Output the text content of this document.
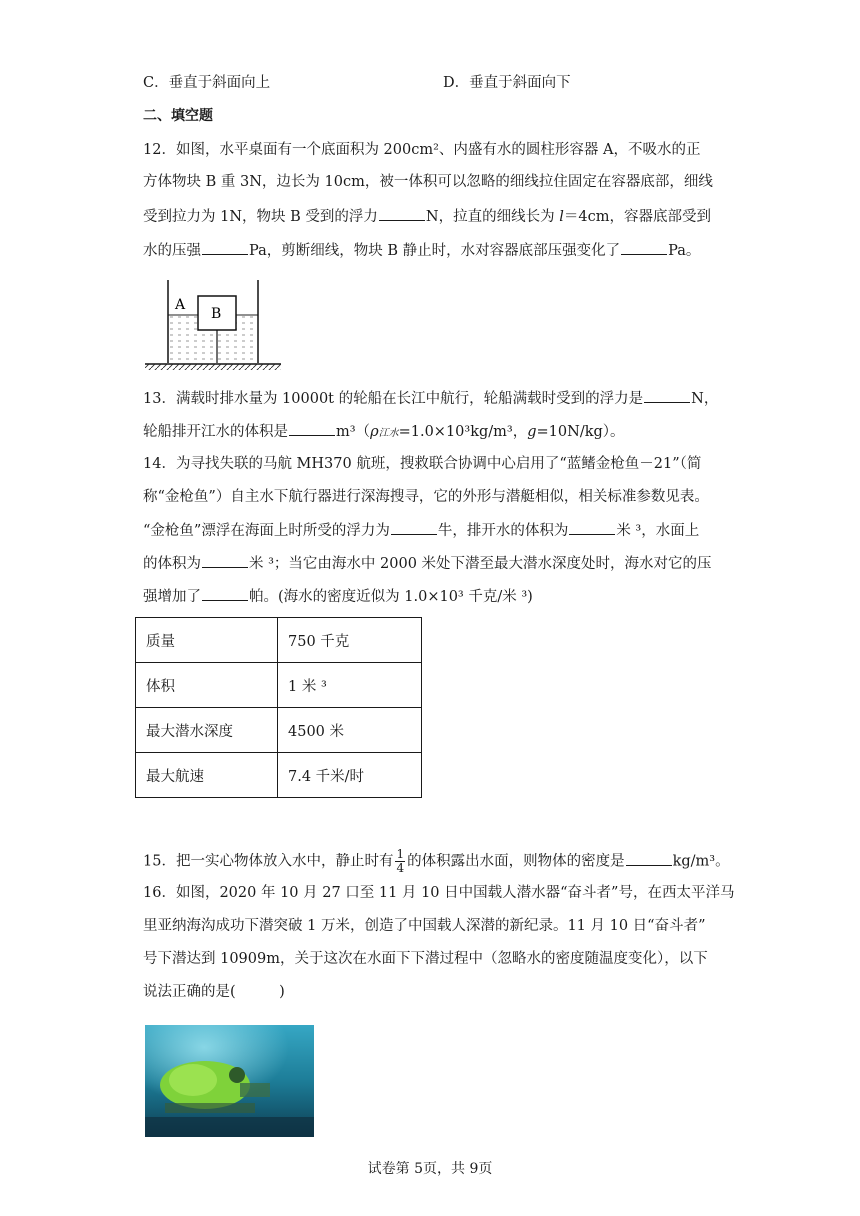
C．垂直于斜面向上	D．垂直于斜面向下
二、填空题
12．如图，水平桌面有一个底面积为 200cm²、内盛有水的圆柱形容器 A，不吸水的正
方体物块 B 重 3N，边长为 10cm，被一体积可以忽略的细线拉住固定在容器底部，细线
受到拉力为 1N，物块 B 受到的浮力	N，拉直的细线长为 l＝4cm，容器底部受到
水的压强	Pa，剪断细线，物块 B 静止时，水对容器底部压强变化了	Pa。
A
B
13．满载时排水量为 10000t 的轮船在长江中航行，轮船满载时受到的浮力是	N，
轮船排开江水的体积是	m³（ρ江水=1.0×10³kg/m³，g=10N/kg）。
14．为寻找失联的马航 MH370 航班，搜救联合协调中心启用了“蓝鳍金枪鱼－21”（简
称“金枪鱼”）自主水下航行器进行深海搜寻，它的外形与潜艇相似，相关标准参数见表。
“金枪鱼”漂浮在海面上时所受的浮力为	牛，排开水的体积为	米 ³，水面上
的体积为	米 ³；当它由海水中 2000 米处下潜至最大潜水深度处时，海水对它的压
强增加了	帕。(海水的密度近似为 1.0×10³ 千克/米 ³)
质量	750 千克
体积	1 米 ³
最大潜水深度	4500 米
最大航速	7.4 千米/时
15．把一实心物体放入水中，静止时有 $\frac{1}{4}$ 的体积露出水面，则物体的密度是	kg/m³。
16．如图，2020 年 10 月 27 口至 11 月 10 日中国载人潜水器“奋斗者”号，在西太平洋马
里亚纳海沟成功下潜突破 1 万米，创造了中国载人深潜的新纪录。11 月 10 日“奋斗者”
号下潜达到 10909m，关于这次在水面下下潜过程中（忽略水的密度随温度变化），以下
说法正确的是(　　　)
试卷第 5页，共 9页
